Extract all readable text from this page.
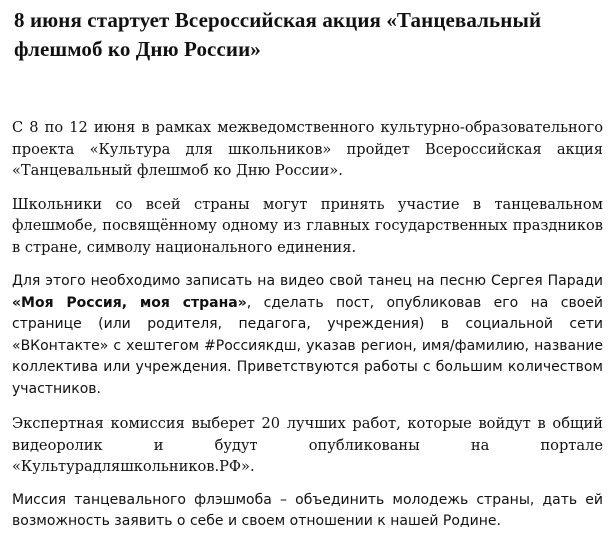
8 июня стартует Всероссийская акция «Танцевальный флешмоб ко Дню России»

С 8 по 12 июня в рамках межведомственного культурно-образовательного проекта «Культура для школьников» пройдет Всероссийская акция «Танцевальный флешмоб ко Дню России».

Школьники со всей страны могут принять участие в танцевальном флешмобе, посвящённому одному из главных государственных праздников в стране, символу национального единения.

Для этого необходимо записать на видео свой танец на песню Сергея Паради «Моя Россия, моя страна», сделать пост, опубликовав его на своей странице (или родителя, педагога, учреждения) в социальной сети «ВКонтакте» с хештегом #Россиякдш, указав регион, имя/фамилию, название коллектива или учреждения. Приветствуются работы с большим количеством участников.

Экспертная комиссия выберет 20 лучших работ, которые войдут в общий видеоролик и будут опубликованы на портале «Культурадляшкольников.РФ».

Миссия танцевального флэшмоба – объединить молодежь страны, дать ей возможность заявить о себе и своем отношении к нашей Родине.
